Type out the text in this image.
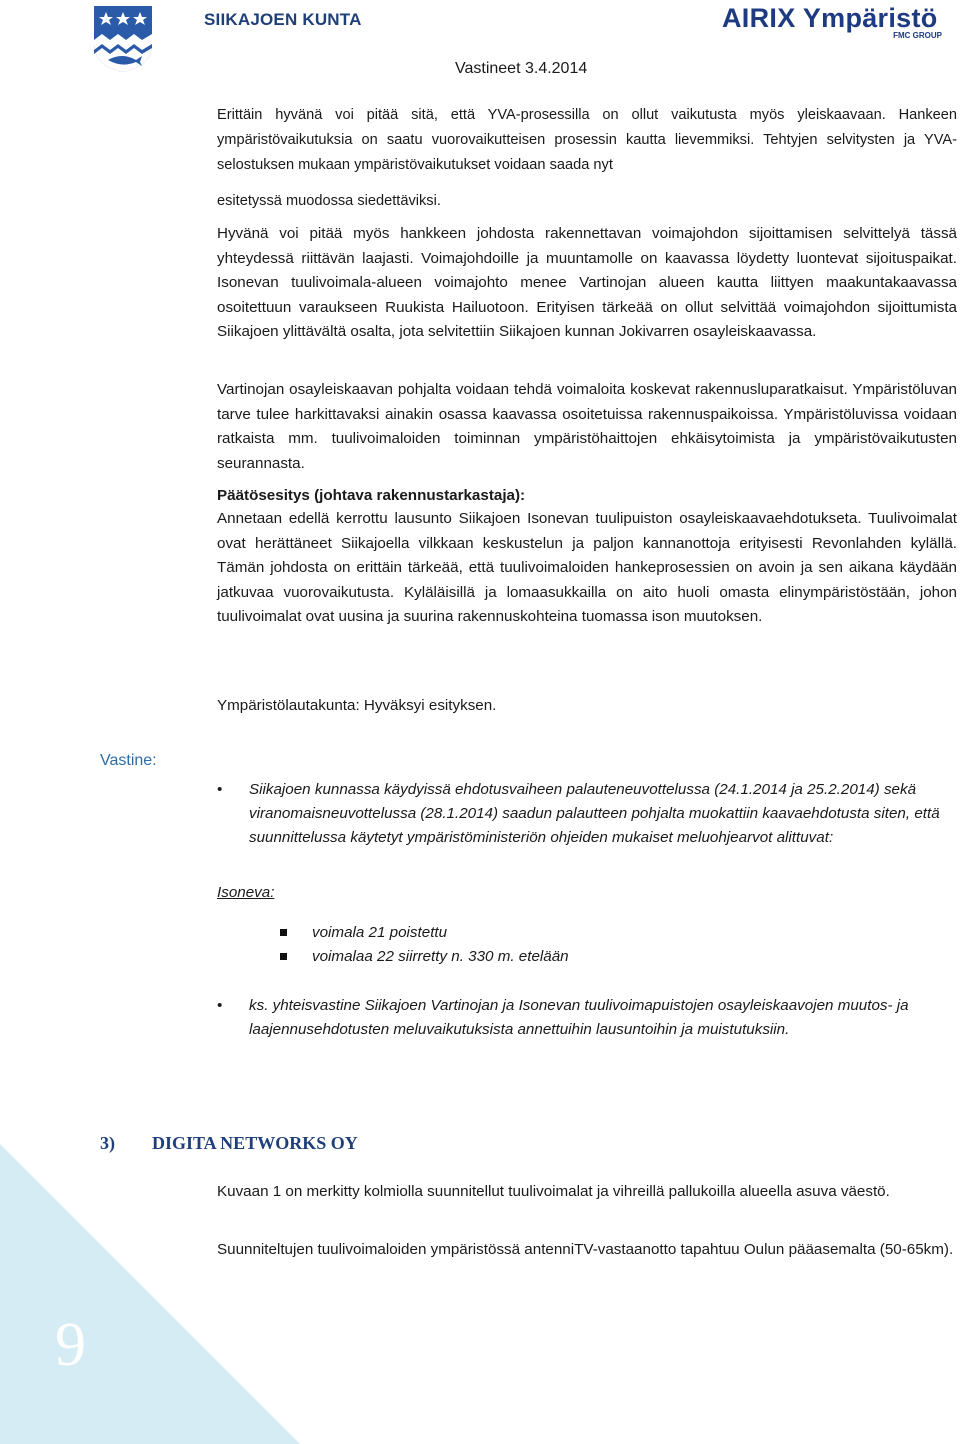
9
SIIKAJOEN KUNTA	AIRIX Ympäristö
FMC GROUP
Vastineet 3.4.2014

Erittäin hyvänä voi pitää sitä, että YVA-prosessilla on ollut vaikutusta myös yleiskaavaan. Hankeen ympäristövaikutuksia on saatu vuorovaikutteisen prosessin kautta lievemmiksi. Tehtyjen selvitysten ja YVA-selostuksen mukaan ympäristövaikutukset voidaan saada nyt

esitetyssä muodossa siedettäviksi.

Hyvänä voi pitää myös hankkeen johdosta rakennettavan voimajohdon sijoittamisen selvittelyä tässä yhteydessä riittävän laajasti. Voimajohdoille ja muuntamolle on kaavassa löydetty luontevat sijoituspaikat. Isonevan tuulivoimala-alueen voimajohto menee Vartinojan alueen kautta liittyen maakuntakaavassa osoitettuun varaukseen Ruukista Hailuotoon. Erityisen tärkeää on ollut selvittää voimajohdon sijoittumista Siikajoen ylittävältä osalta, jota selvitettiin Siikajoen kunnan Jokivarren osayleiskaavassa.

Vartinojan osayleiskaavan pohjalta voidaan tehdä voimaloita koskevat rakennusluparatkaisut. Ympäristöluvan tarve tulee harkittavaksi ainakin osassa kaavassa osoitetuissa rakennuspaikoissa. Ympäristöluvissa voidaan ratkaista mm. tuulivoimaloiden toiminnan ympäristöhaittojen ehkäisytoimista ja ympäristövaikutusten seurannasta.

Päätösesitys (johtava rakennustarkastaja):

Annetaan edellä kerrottu lausunto Siikajoen Isonevan tuulipuiston osayleiskaavaehdotukseta. Tuulivoimalat ovat herättäneet Siikajoella vilkkaan keskustelun ja paljon kannanottoja erityisesti Revonlahden kylällä. Tämän johdosta on erittäin tärkeää, että tuulivoimaloiden hankeprosessien on avoin ja sen aikana käydään jatkuvaa vuorovaikutusta. Kyläläisillä ja lomaasukkailla on aito huoli omasta elinympäristöstään, johon tuulivoimalat ovat uusina ja suurina rakennuskohteina tuomassa ison muutoksen.

Ympäristölautakunta: Hyväksyi esityksen.
Vastine:
• Siikajoen kunnassa käydyissä ehdotusvaiheen palauteneuvottelussa (24.1.2014 ja 25.2.2014) sekä viranomaisneuvottelussa (28.1.2014) saadun palautteen pohjalta muokattiin kaavaehdotusta siten, että suunnittelussa käytetyt ympäristöministeriön ohjeiden mukaiset meluohjearvot alittuvat:
Isoneva:
voimala 21 poistettu
voimalaa 22 siirretty n. 330 m. etelään
• ks. yhteisvastine Siikajoen Vartinojan ja Isonevan tuulivoimapuistojen osayleiskaavojen muutos- ja laajennusehdotusten meluvaikutuksista annettuihin lausuntoihin ja muistutuksiin.
3) DIGITA NETWORKS OY

Kuvaan 1 on merkitty kolmiolla suunnitellut tuulivoimalat ja vihreillä pallukoilla alueella asuva väestö.

Suunniteltujen tuulivoimaloiden ympäristössä antenniTV-vastaanotto tapahtuu Oulun pääasemalta (50-65km).
